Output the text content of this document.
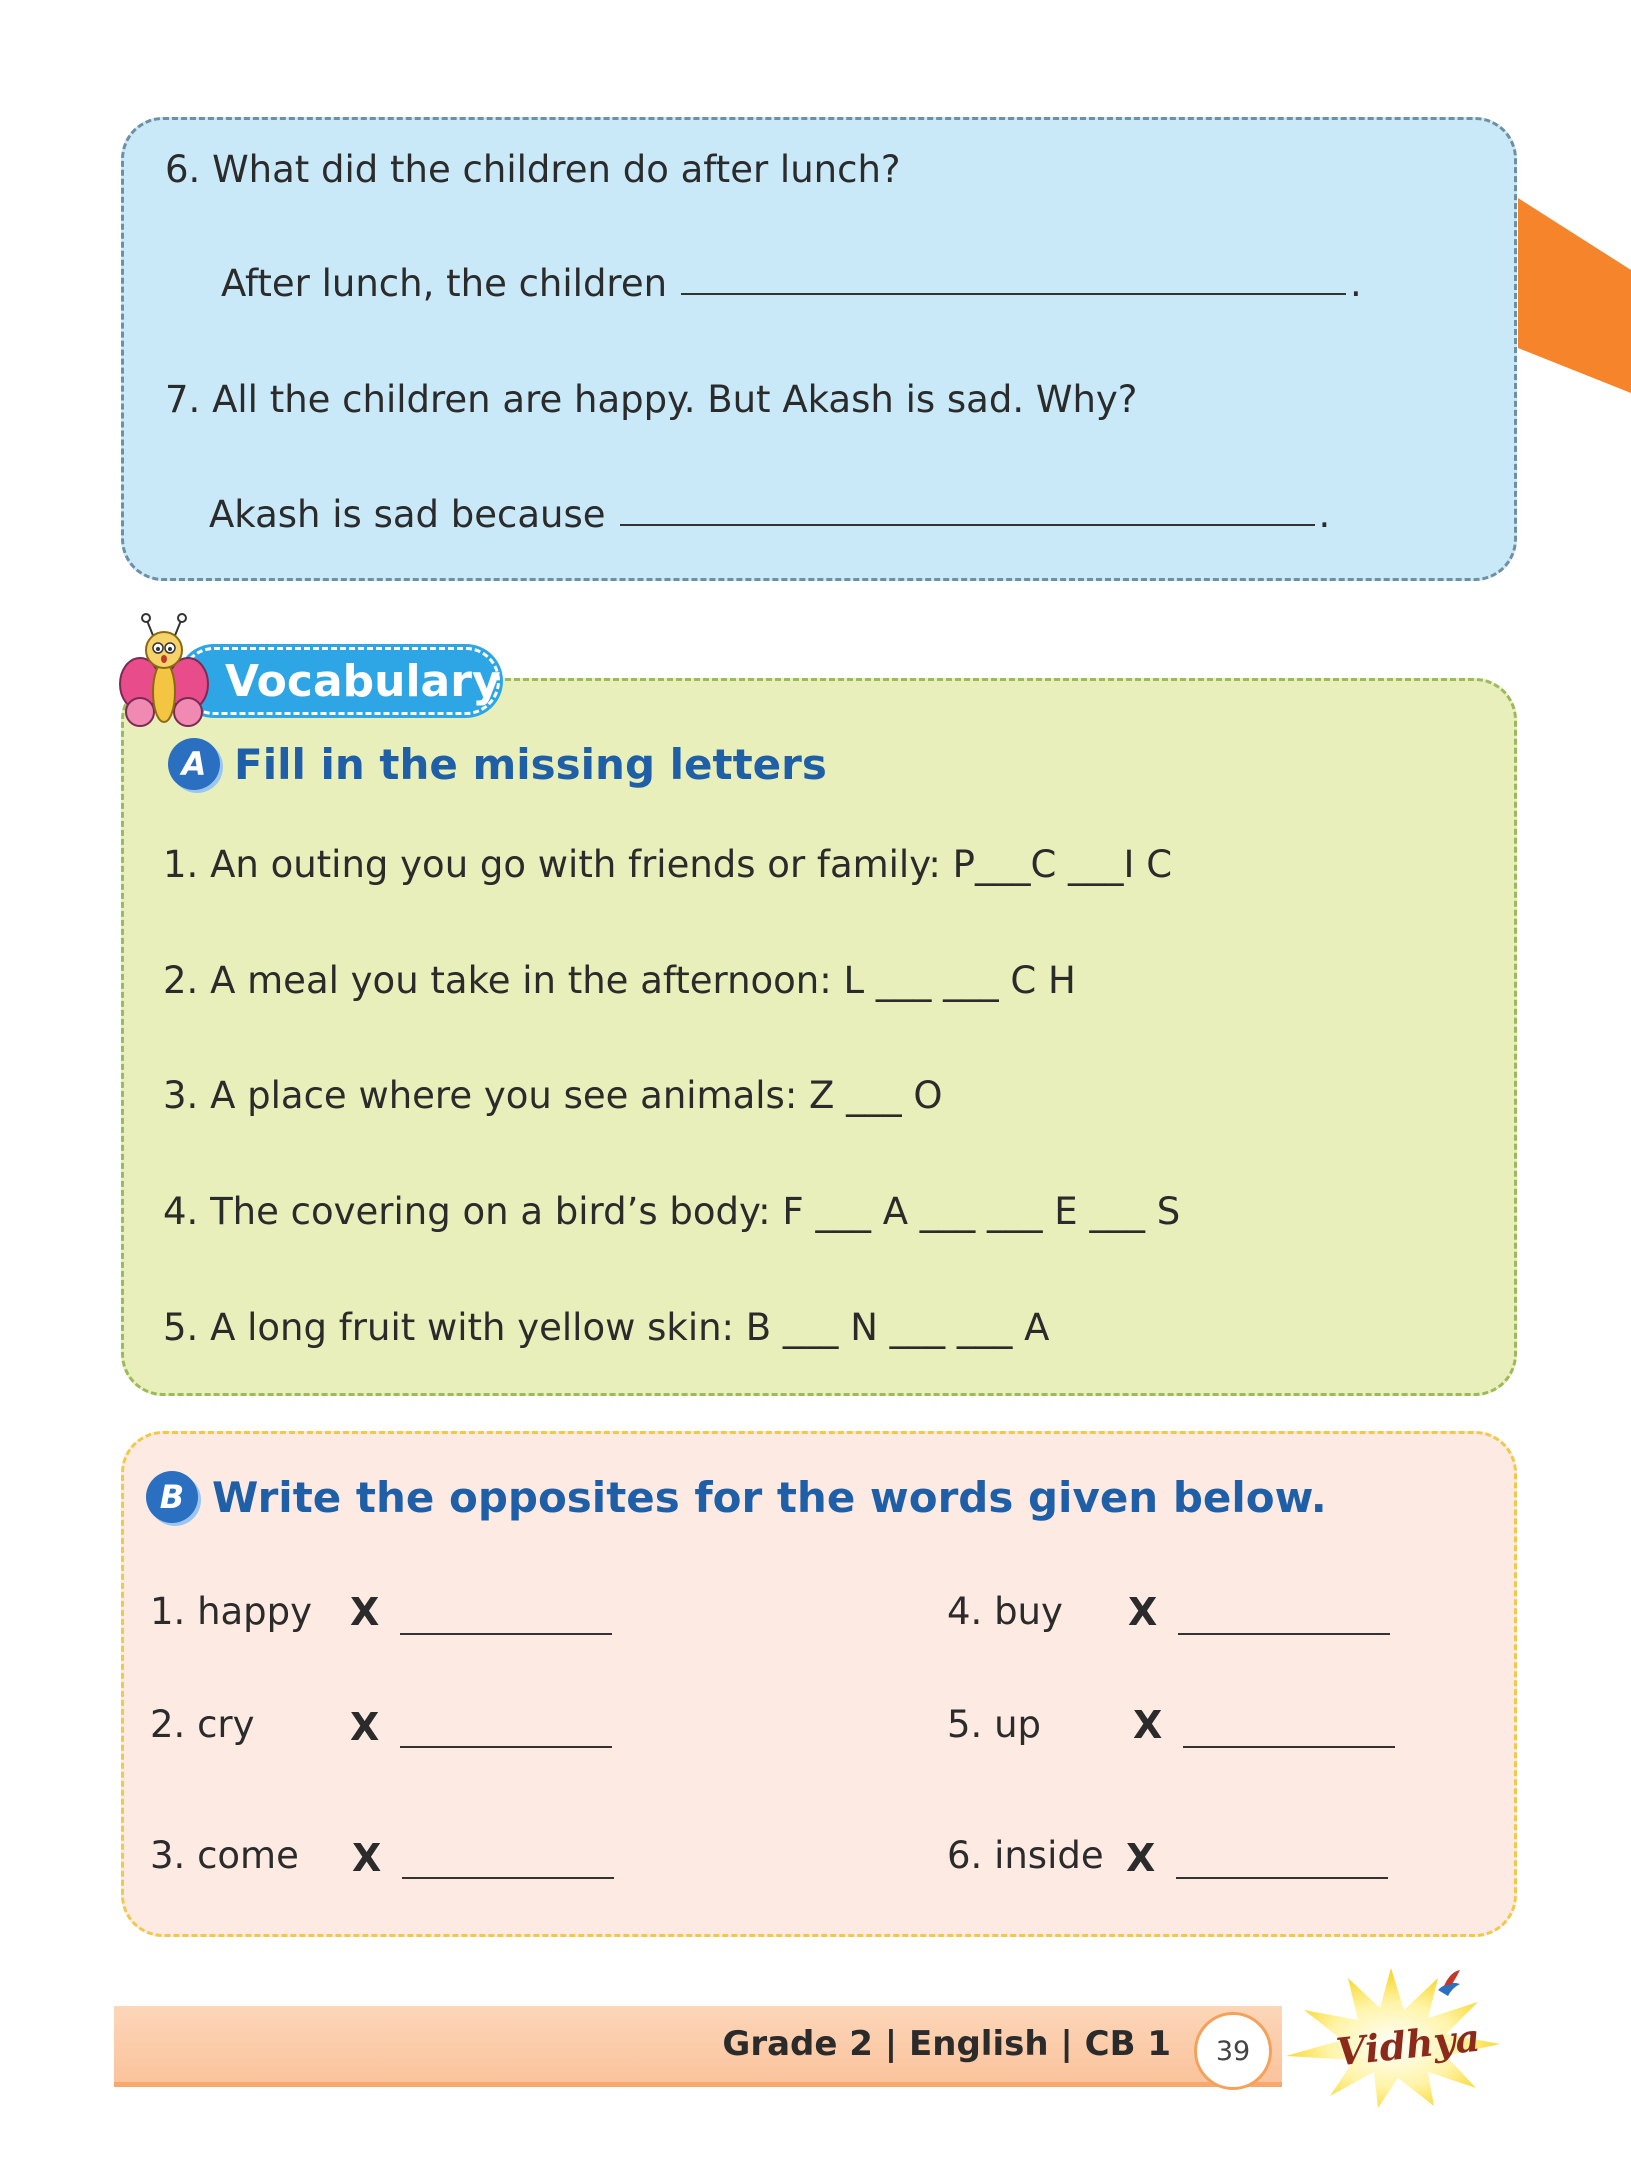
6. What did the children do after lunch?
After lunch, the children	.
7. All the children are happy. But Akash is sad. Why?
Akash is sad because	.
Vocabulary
A Fill in the missing letters
1. An outing you go with friends or family: P___C ___I C
2. A meal you take in the afternoon: L ___ ___ C H
3. A place where you see animals: Z ___ O
4. The covering on a bird’s body: F ___ A ___ ___ E ___ S
5. A long fruit with yellow skin: B ___ N ___ ___ A
B Write the opposites for the words given below.
1. happy X
2. cry	X
3. come X
4. buy X
5. up X
6. inside X
Grade 2 | English | CB 1 39 Vidhya
